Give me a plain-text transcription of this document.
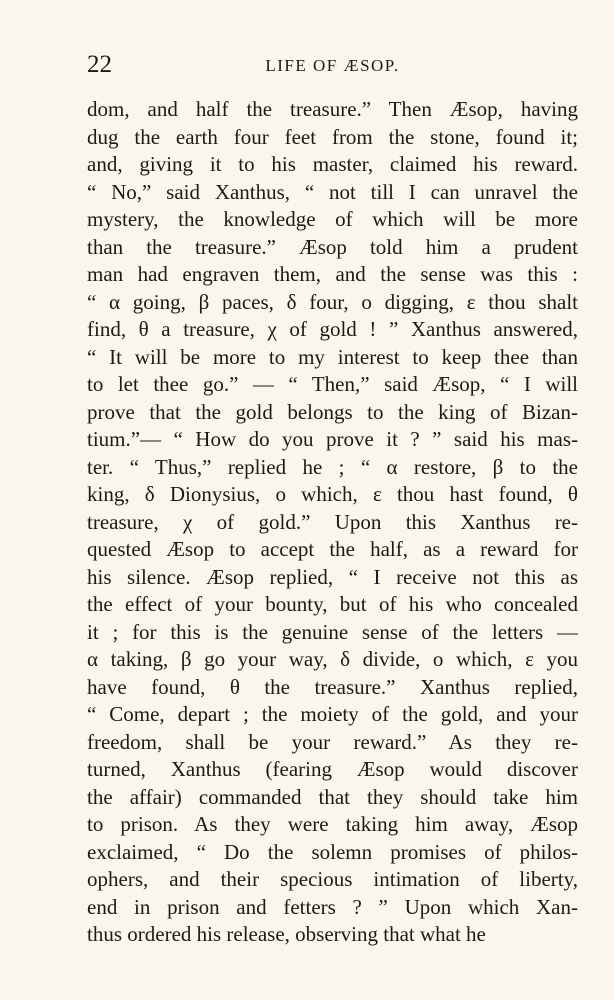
22	LIFE OF ÆSOP.
dom, and half the treasure.” Then Æsop, having
dug the earth four feet from the stone, found it;
and, giving it to his master, claimed his reward.
“ No,” said Xanthus, “ not till I can unravel the
mystery, the knowledge of which will be more
than the treasure.” Æsop told him a prudent
man had engraven them, and the sense was this :
“ α going, β paces, δ four, ο digging, ε thou shalt
find, θ a treasure, χ of gold ! ” Xanthus answered,
“ It will be more to my interest to keep thee than
to let thee go.” — “ Then,” said Æsop, “ I will
prove that the gold belongs to the king of Bizan-
tium.”— “ How do you prove it ? ” said his mas-
ter. “ Thus,” replied he ; “ α restore, β to the
king, δ Dionysius, ο which, ε thou hast found, θ
treasure, χ of gold.” Upon this Xanthus re-
quested Æsop to accept the half, as a reward for
his silence. Æsop replied, “ I receive not this as
the effect of your bounty, but of his who concealed
it ; for this is the genuine sense of the letters —
α taking, β go your way, δ divide, ο which, ε you
have found, θ the treasure.” Xanthus replied,
“ Come, depart ; the moiety of the gold, and your
freedom, shall be your reward.” As they re-
turned, Xanthus (fearing Æsop would discover
the affair) commanded that they should take him
to prison. As they were taking him away, Æsop
exclaimed, “ Do the solemn promises of philos-
ophers, and their specious intimation of liberty,
end in prison and fetters ? ” Upon which Xan-
thus ordered his release, observing that what he
